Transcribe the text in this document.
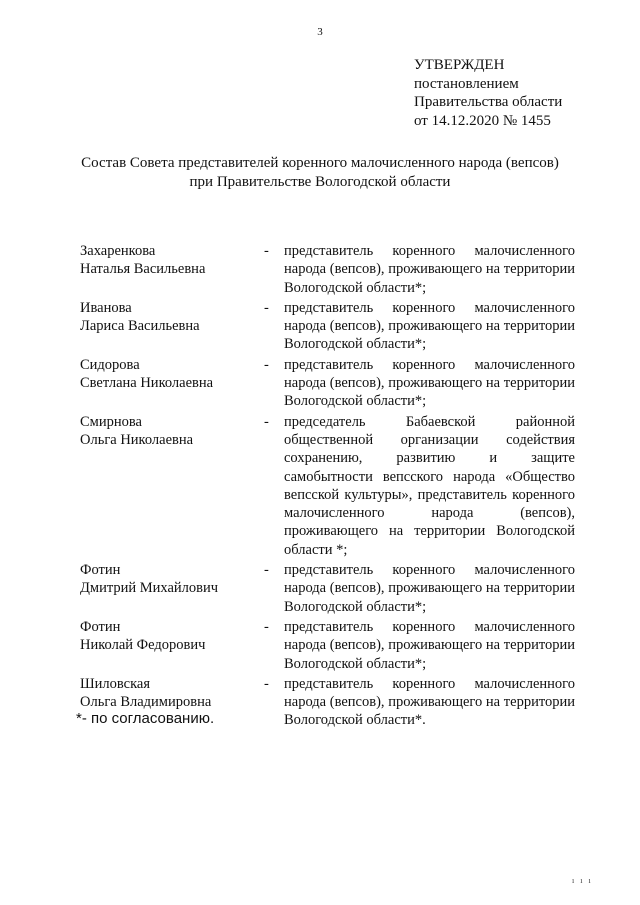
3
УТВЕРЖДЕН
постановлением
Правительства области
от 14.12.2020 № 1455
Состав Совета представителей коренного малочисленного народа (вепсов)
при Правительстве Вологодской области
Захаренкова
Наталья Васильевна
-	представитель коренного малочисленного народа (вепсов), проживающего на территории Вологодской области*;
Иванова
Лариса Васильевна
-	представитель коренного малочисленного народа (вепсов), проживающего на территории Вологодской области*;
Сидорова
Светлана Николаевна
-	представитель коренного малочисленного народа (вепсов), проживающего на территории Вологодской области*;
Смирнова
Ольга Николаевна
-	председатель Бабаевской районной общественной организации содействия сохранению, развитию и защите самобытности вепсского народа «Общество вепсской культуры», представитель коренного малочисленного народа (вепсов), проживающего на территории Вологодской области *;
Фотин
Дмитрий Михайлович
-	представитель коренного малочисленного народа (вепсов), проживающего на территории Вологодской области*;
Фотин
Николай Федорович
-	представитель коренного малочисленного народа (вепсов), проживающего на территории Вологодской области*;
Шиловская
Ольга Владимировна
-	представитель коренного малочисленного народа (вепсов), проживающего на территории Вологодской области*.
*- по согласованию.
ı ı ı
